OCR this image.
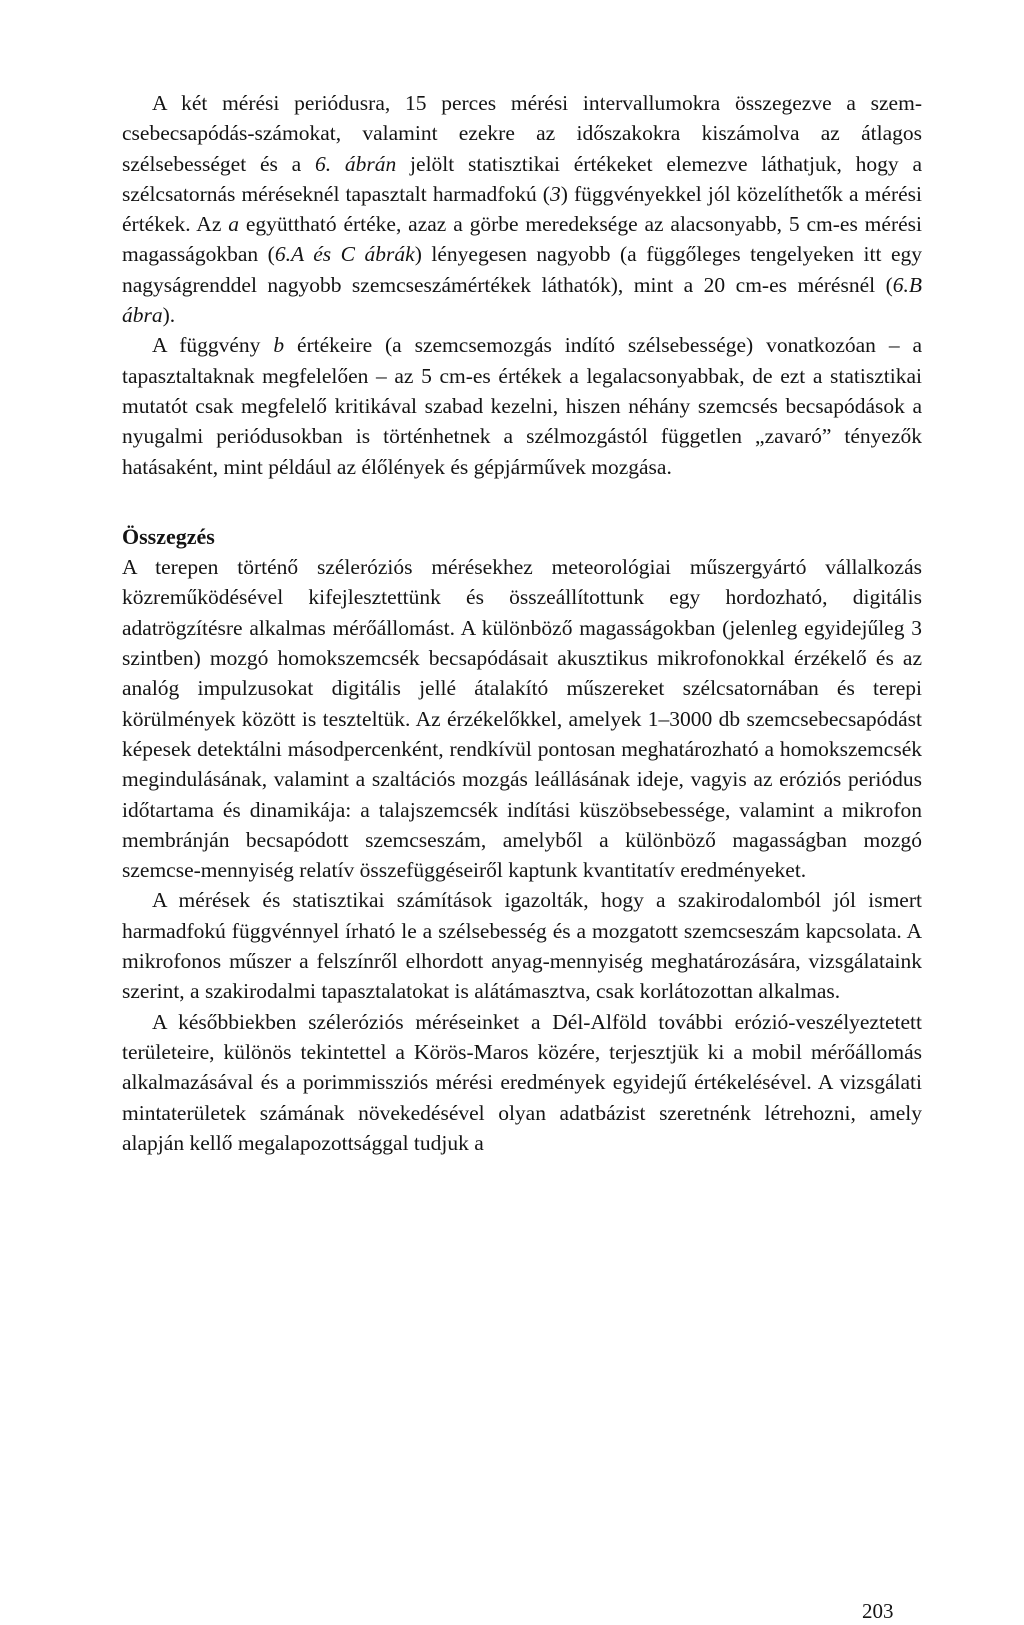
A két mérési periódusra, 15 perces mérési intervallumokra összegezve a szemcsebecsapódás-számokat, valamint ezekre az időszakokra kiszámolva az átlagos szélsebességet és a 6. ábrán jelölt statisztikai értékeket elemezve láthatjuk, hogy a szélcsatornás méréseknél tapasztalt harmadfokú (3) függvényekkel jól közelíthetők a mérési értékek. Az a együttható értéke, azaz a görbe meredeksége az alacsonyabb, 5 cm-es mérési magasságokban (6.A és C ábrák) lényegesen nagyobb (a függőleges tengelyeken itt egy nagyságrenddel nagyobb szemcseszámértékek láthatók), mint a 20 cm-es mérésnél (6.B ábra).

A függvény b értékeire (a szemcsemozgás indító szélsebessége) vonatkozóan – a tapasztaltaknak megfelelően – az 5 cm-es értékek a legalacsonyabbak, de ezt a statisztikai mutatót csak megfelelő kritikával szabad kezelni, hiszen néhány szemcsés becsapódások a nyugalmi periódusokban is történhetnek a szélmozgástól független „zavaró” tényezők hatásaként, mint például az élőlények és gépjárművek mozgása.

Összegzés

A terepen történő széleróziós mérésekhez meteorológiai műszergyártó vállalkozás közreműködésével kifejlesztettünk és összeállítottunk egy hordozható, digitális adatrögzítésre alkalmas mérőállomást. A különböző magasságokban (jelenleg egyidejűleg 3 szintben) mozgó homokszemcsék becsapódásait akusztikus mikrofonokkal érzékelő és az analóg impulzusokat digitális jellé átalakító műszereket szélcsatornában és terepi körülmények között is teszteltük. Az érzékelőkkel, amelyek 1–3000 db szemcsebecsapódást képesek detektálni másodpercenként, rendkívül pontosan meghatározható a homokszemcsék megindulásának, valamint a szaltációs mozgás leállásának ideje, vagyis az eróziós periódus időtartama és dinamikája: a talajszemcsék indítási küszöbsebessége, valamint a mikrofon membránján becsapódott szemcseszám, amelyből a különböző magasságban mozgó szemcse-mennyiség relatív összefüggéseiről kaptunk kvantitatív eredményeket.

A mérések és statisztikai számítások igazolták, hogy a szakirodalomból jól ismert harmadfokú függvénnyel írható le a szélsebesség és a mozgatott szemcseszám kapcsolata. A mikrofonos műszer a felszínről elhordott anyag-mennyiség meghatározására, vizsgálataink szerint, a szakirodalmi tapasztalatokat is alátámasztva, csak korlátozottan alkalmas.

A későbbiekben széleróziós méréseinket a Dél-Alföld további erózió-veszélyeztetett területeire, különös tekintettel a Körös-Maros közére, terjesztjük ki a mobil mérőállomás alkalmazásával és a porimmissziós mérési eredmények egyidejű értékelésével. A vizsgálati mintaterületek számának növekedésével olyan adatbázist szeretnénk létrehozni, amely alapján kellő megalapozottsággal tudjuk a

203
